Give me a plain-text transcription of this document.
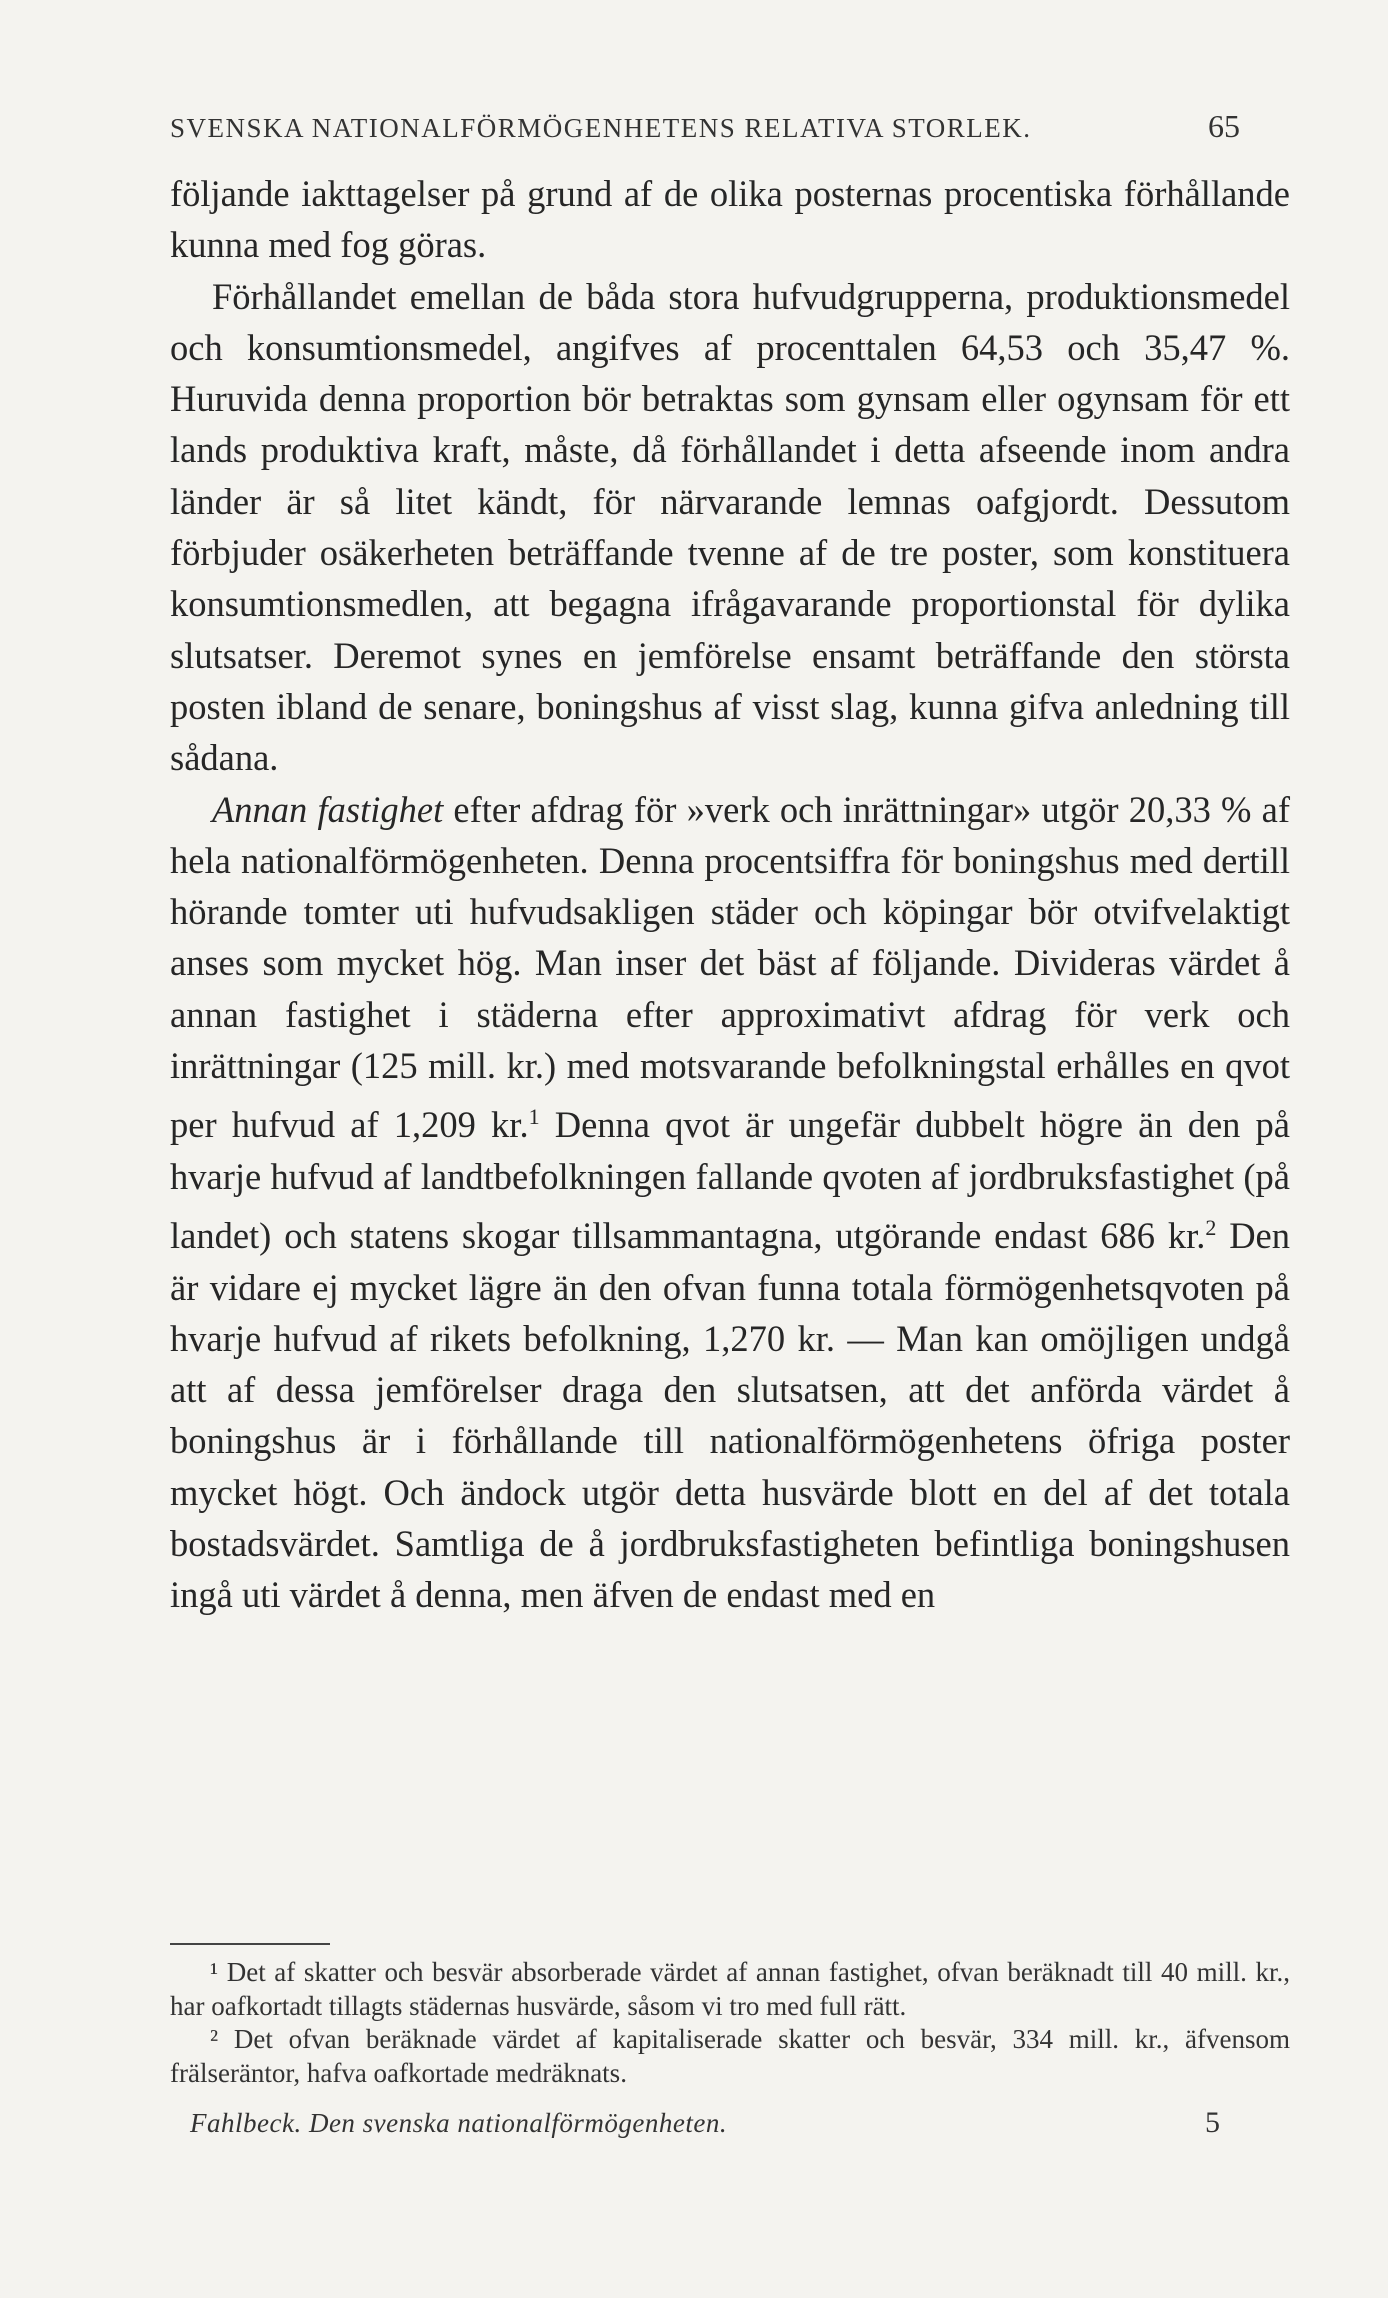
SVENSKA NATIONALFÖRMÖGENHETENS RELATIVA STORLEK.	65

följande iakttagelser på grund af de olika posternas procentiska förhållande kunna med fog göras.

Förhållandet emellan de båda stora hufvudgrupperna, produktionsmedel och konsumtionsmedel, angifves af procenttalen 64,53 och 35,47 %. Huruvida denna proportion bör betraktas som gynsam eller ogynsam för ett lands produktiva kraft, måste, då förhållandet i detta afseende inom andra länder är så litet kändt, för närvarande lemnas oafgjordt. Dessutom förbjuder osäkerheten beträffande tvenne af de tre poster, som konstituera konsumtionsmedlen, att begagna ifrågavarande proportionstal för dylika slutsatser. Deremot synes en jemförelse ensamt beträffande den största posten ibland de senare, boningshus af visst slag, kunna gifva anledning till sådana.

Annan fastighet efter afdrag för »verk och inrättningar» utgör 20,33 % af hela nationalförmögenheten. Denna procentsiffra för boningshus med dertill hörande tomter uti hufvudsakligen städer och köpingar bör otvifvelaktigt anses som mycket hög. Man inser det bäst af följande. Divideras värdet å annan fastighet i städerna efter approximativt afdrag för verk och inrättningar (125 mill. kr.) med motsvarande befolkningstal erhålles en qvot per hufvud af 1,209 kr.$^1$ Denna qvot är ungefär dubbelt högre än den på hvarje hufvud af landtbefolkningen fallande qvoten af jordbruksfastighet (på landet) och statens skogar tillsammantagna, utgörande endast 686 kr.$^2$ Den är vidare ej mycket lägre än den ofvan funna totala förmögenhetsqvoten på hvarje hufvud af rikets befolkning, 1,270 kr. — Man kan omöjligen undgå att af dessa jemförelser draga den slutsatsen, att det anförda värdet å boningshus är i förhållande till nationalförmögenhetens öfriga poster mycket högt. Och ändock utgör detta husvärde blott en del af det totala bostadsvärdet. Samtliga de å jordbruksfastigheten befintliga boningshusen ingå uti värdet å denna, men äfven de endast med en

¹ Det af skatter och besvär absorberade värdet af annan fastighet, ofvan beräknadt till 40 mill. kr., har oafkortadt tillagts städernas husvärde, såsom vi tro med full rätt.

² Det ofvan beräknade värdet af kapitaliserade skatter och besvär, 334 mill. kr., äfvensom frälseräntor, hafva oafkortade medräknats.

Fahlbeck. Den svenska nationalförmögenheten.	5
